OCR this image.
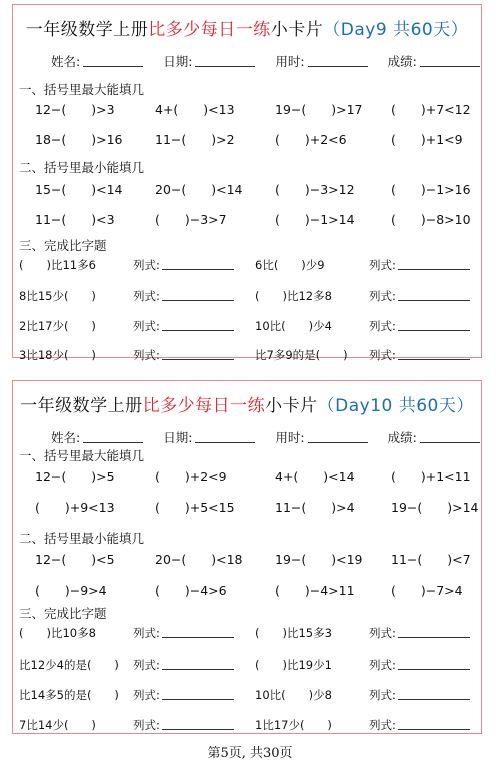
一年级数学上册比多少每日一练小卡片（Day9 共60天）
姓名:	日期:	用时:	成绩:
一、括号里最大能填几
12−(　　)>3	4+(　　)<13	19−(　　)>17 (　　)+7<12
18−(　　)>16	11−(　　)>2	(　　)+2<6	(　　)+1<9
二、括号里最小能填几
15−(　　)<14	20−(　　)<14	(　　)−3>12	(　　)−1>16
11−(　　)<3	(　　)−3>7	(　　)−1>14	(　　)−8>10
三、完成比字题
(　　)比11多6	列式:	6比(　　)少9	列式:
8比15少(　　)	列式:	(　　)比12多8	列式:
2比17少(　　)	列式:	10比(　　)少4	列式:
3比18少(　　)	列式:	比7多9的是(　　) 列式:
一年级数学上册比多少每日一练小卡片（Day10 共60天）
姓名:	日期:	用时:	成绩:
一、括号里最大能填几
12−(　　)>5	(　　)+2<9	4+(　　)<14	(　　)+1<11
(　　)+9<13	(　　)+5<15	11−(　　)>4	19−(　　)>14
二、括号里最小能填几
12−(　　)<5	20−(　　)<18	19−(　　)<19 11−(　　)<7
(　　)−9>4	(　　)−4>6	(　　)−4>11	(　　)−7>4
三、完成比字题
(　　)比10多8	列式:	(　　)比15多3	列式:
比12少4的是(　　) 列式:	(　　)比19少1	列式:
比14多5的是(　　) 列式:	10比(　　)少8	列式:
7比14少(　　)	列式:	1比17少(　　)	列式:
第5页, 共30页
